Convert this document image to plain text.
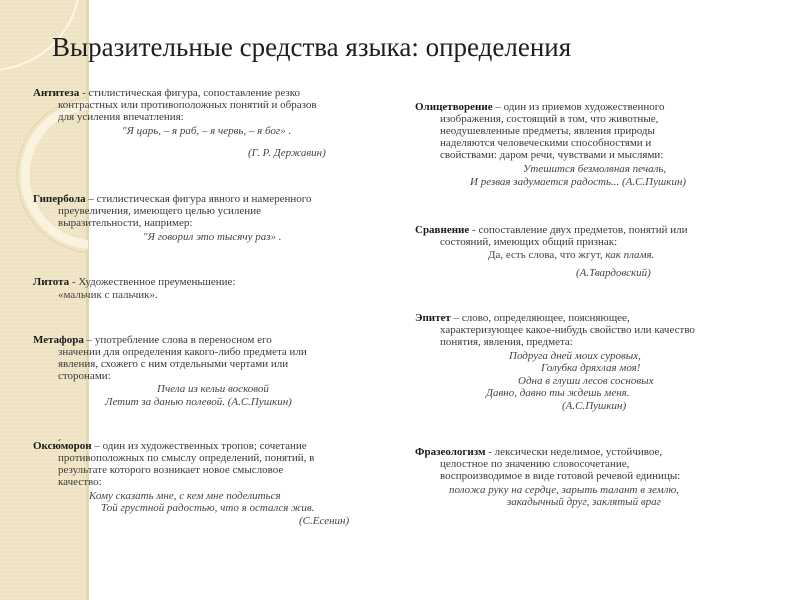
Выразительные средства языка: определения
Антитеза - стилистическая фигура, сопоставление резко
контрастных или противоположных понятий и образов
для усиления впечатления:
"Я царь, – я раб, – я червь, – я бог» .
(Г. Р. Державин)
Гипербола – стилистическая фигура явного и намеренного
преувеличения, имеющего целью усиление
выразительности, например:
"Я говорил это тысячу раз» .
Литота - Художественное преуменьшение:
«мальчик с пальчик».
Метафора – употребление слова в переносном его
значении для определения какого-либо предмета или
явления, схожего с ним отдельными чертами или
сторонами:
Пчела из кельи восковой
Летит за данью полевой. (А.С.Пушкин)
Оксю́морон – один из художественных тропов; сочетание
противоположных по смыслу определений, понятий, в
результате которого возникает новое смысловое
качество:
Кому сказать мне, с кем мне поделиться
Той грустной радостью, что я остался жив.
(С.Есенин)
Олицетворение – один из приемов художественного
изображения, состоящий в том, что животные,
неодушевленные предметы, явления природы
наделяются человеческими способностями и
свойствами: даром речи, чувствами и мыслями:
Утешится безмолвная печаль,
И резвая задумается радость... (А.С.Пушкин)
Сравнение - сопоставление двух предметов, понятий или
состояний, имеющих общий признак:
Да, есть слова, что жгут, как пламя.
(А.Твардовский)
Эпитет – слово, определяющее, поясняющее,
характеризующее какое-нибудь свойство или качество
понятия, явления, предмета:
Подруга дней моих суровых,
Голубка дряхлая моя!
Одна в глуши лесов сосновых
Давно, давно ты ждешь меня.
(А.С.Пушкин)
Фразеологизм - лексически неделимое, устойчивое,
целостное по значению словосочетание,
воспроизводимое в виде готовой речевой единицы:
положа руку на сердце, зарыть талант в землю,
закадычный друг, заклятый враг
